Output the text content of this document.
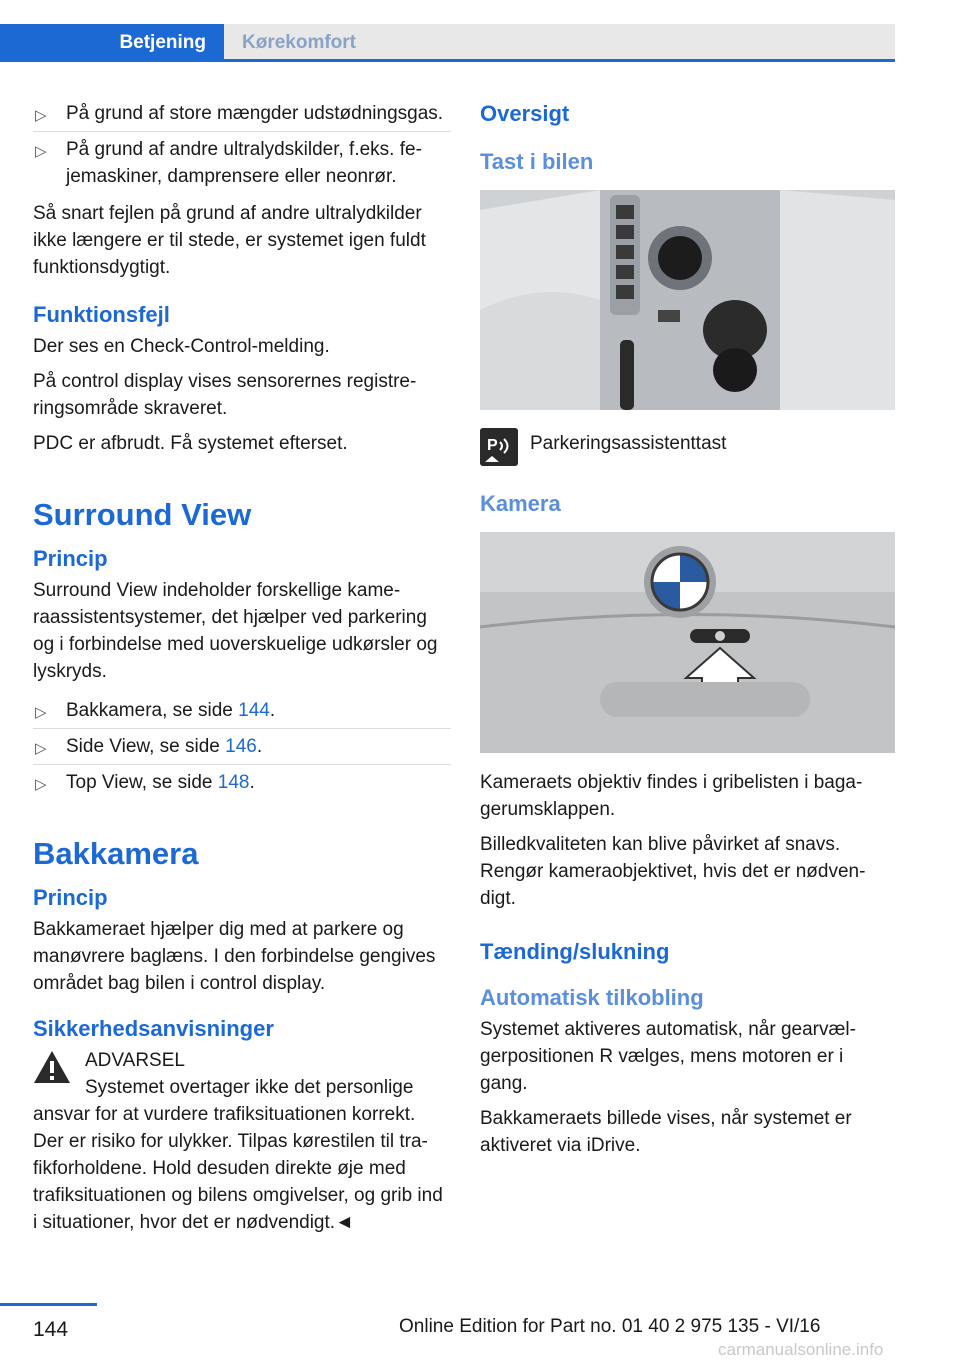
Betjening	Kørekomfort
▷ På grund af store mængder udstødningsgas.
▷ På grund af andre ultralydskilder, f.eks. fejemaskiner, damprensere eller neonrør.

Så snart fejlen på grund af andre ultralydkilder ikke længere er til stede, er systemet igen fuldt funktionsdygtigt.

Funktionsfejl

Der ses en Check-Control-melding.

På control display vises sensorernes registreringsområde skraveret.

PDC er afbrudt. Få systemet efterset.

Surround View
Princip

Surround View indeholder forskellige kameraassistentsystemer, det hjælper ved parkering og i forbindelse med uoverskuelige udkørsler og lyskryds.

▷ Bakkamera, se side 144.
▷ Side View, se side 146.
▷ Top View, se side 148.
Bakkamera
Princip

Bakkameraet hjælper dig med at parkere og manøvrere baglæns. I den forbindelse gengives området bag bilen i control display.

Sikkerhedsanvisninger
ADVARSEL

Systemet overtager ikke det personlige

ansvar for at vurdere trafiksituationen korrekt. Der er risiko for ulykker. Tilpas kørestilen til trafikforholdene. Hold desuden direkte øje med trafiksituationen og bilens omgivelser, og grib ind i situationer, hvor det er nødvendigt.◄

Oversigt
Tast i bilen
P Parkeringsassistenttast
Kamera

Kameraets objektiv findes i gribelisten i bagagerumsklappen.

Billedkvaliteten kan blive påvirket af snavs. Rengør kameraobjektivet, hvis det er nødvendigt.

Tænding/slukning
Automatisk tilkobling

Systemet aktiveres automatisk, når gearvælgerpositionen R vælges, mens motoren er i gang.

Bakkameraets billede vises, når systemet er aktiveret via iDrive.

144	Online Edition for Part no. 01 40 2 975 135 - VI/16
carmanualsonline.info
